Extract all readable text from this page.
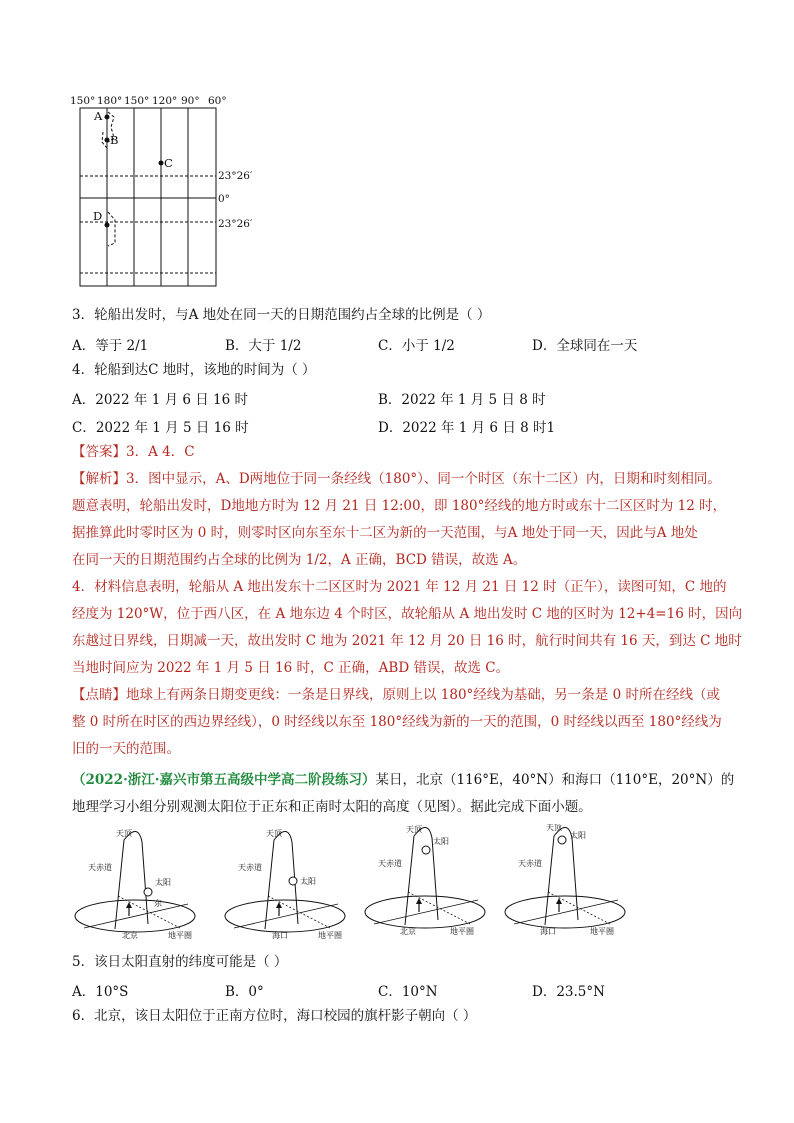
150° 180° 150° 120° 90° 60°
A
B
C
D
23°26′
0°
23°26′
3．轮船出发时，与A 地处在同一天的日期范围约占全球的比例是（ ）
A．等于 2/1	B．大于 1/2	C．小于 1/2	D．全球同在一天
4．轮船到达C 地时，该地的时间为（ ）
A．2022 年 1 月 6 日 16 时	B．2022 年 1 月 5 日 8 时
C．2022 年 1 月 5 日 16 时	D．2022 年 1 月 6 日 8 时1
【答案】3．A 4．C
【解析】3．图中显示，A、D两地位于同一条经线（180°）、同一个时区（东十二区）内，日期和时刻相同。
题意表明，轮船出发时，D地地方时为 12 月 21 日 12:00，即 180°经线的地方时或东十二区区时为 12 时，
据推算此时零时区为 0 时，则零时区向东至东十二区为新的一天范围，与A 地处于同一天，因此与A 地处
在同一天的日期范围约占全球的比例为 1/2，A 正确，BCD 错误，故选 A。
4．材料信息表明，轮船从 A 地出发东十二区区时为 2021 年 12 月 21 日 12 时（正午），读图可知，C 地的
经度为 120°W，位于西八区，在 A 地东边 4 个时区，故轮船从 A 地出发时 C 地的区时为 12+4=16 时，因向
东越过日界线，日期减一天，故出发时 C 地为 2021 年 12 月 20 日 16 时，航行时间共有 16 天，到达 C 地时
当地时间应为 2022 年 1 月 5 日 16 时，C 正确，ABD 错误，故选 C。
【点睛】地球上有两条日期变更线：一条是日界线，原则上以 180°经线为基础，另一条是 0 时所在经线（或
整 0 时所在时区的西边界经线），0 时经线以东至 180°经线为新的一天的范围，0 时经线以西至 180°经线为
旧的一天的范围。
（2022·浙江·嘉兴市第五高级中学高二阶段练习）某日，北京（116°E，40°N）和海口（110°E，20°N）的
地理学习小组分别观测太阳位于正东和正南时太阳的高度（见图）。据此完成下面小题。
天顶
天赤道
太阳
东
北京	地平圈
天顶
天赤道
太阳
海口	地平圈
天顶
天赤道
太阳
北京	地平圈
天顶
天赤道
太阳
海口	地平圈
5．该日太阳直射的纬度可能是（ ）
A．10°S	B．0°	C．10°N	D．23.5°N
6．北京，该日太阳位于正南方位时，海口校园的旗杆影子朝向（ ）
